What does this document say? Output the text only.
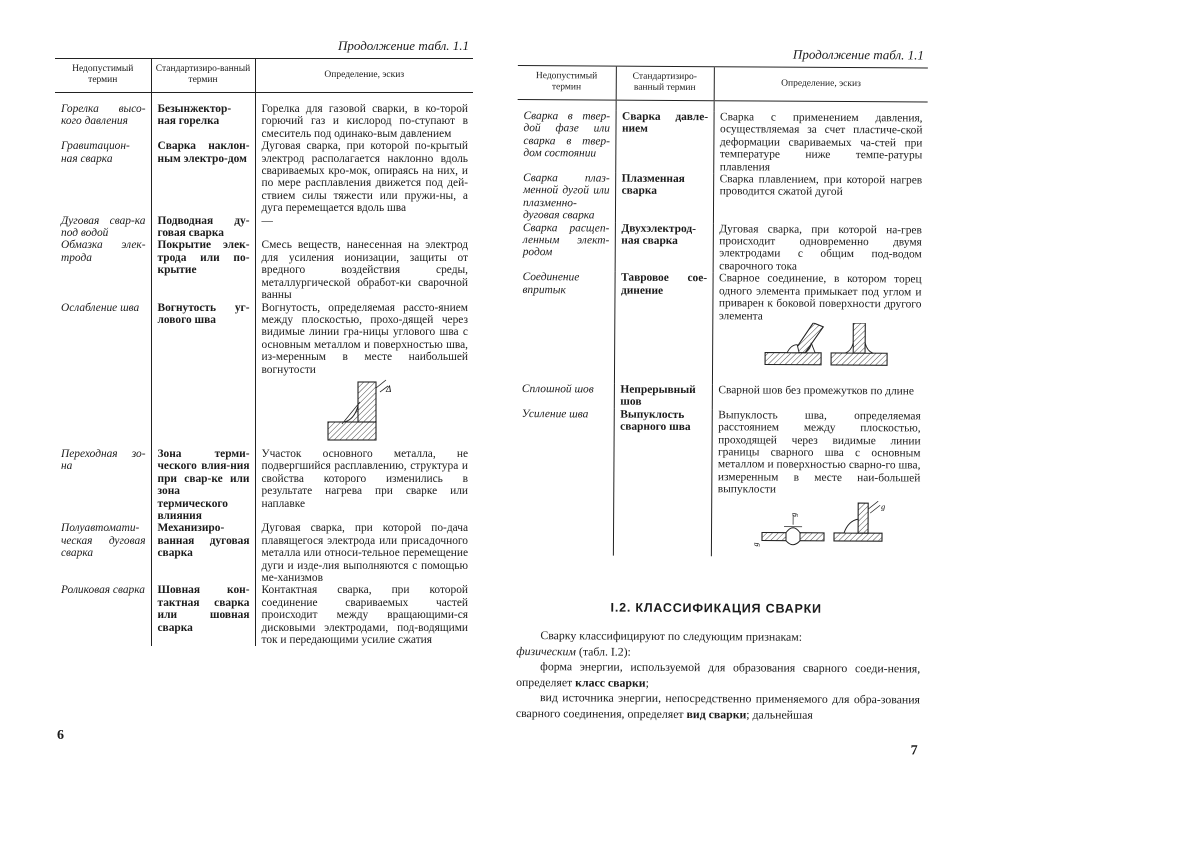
Продолжение табл. 1.1
Недопустимый термин	Стандартизиро-ванный термин	Определение, эскиз

Горелка высо-кого давления	Безынжектор-ная горелка	Горелка для газовой сварки, в ко-торой горючий газ и кислород по-ступают в смеситель под одинако-вым давлением
Гравитацион-ная сварка	Сварка наклон-ным электро-дом	Дуговая сварка, при которой по-крытый электрод располагается наклонно вдоль свариваемых кро-мок, опираясь на них, и по мере расплавления движется под дей-ствием силы тяжести или пружи-ны, а дуга перемещается вдоль шва
Дуговая свар-ка под водой	Подводная ду-говая сварка	—

Обмазка элек-трода	Покрытие элек-трода или по-крытие	Смесь веществ, нанесенная на электрод для усиления ионизации, защиты от вредного воздействия среды, металлургической обработ-ки сварочной ванны
Ослабление шва	Вогнутость уг-лового шва	Вогнутость, определяемая рассто-янием между плоскостью, прохо-дящей через видимые линии гра-ницы углового шва с основным металлом и поверхностью шва, из-меренным в месте наибольшей вогнутости
Δ

Переходная зо-на	Зона терми-ческого влия-ния при свар-ке или зона термического влияния	Участок основного металла, не подвергшийся расплавлению, структура и свойства которого изменились в результате нагрева при сварке или наплавке
Полуавтомати-ческая дуговая сварка	Механизиро-ванная дуговая сварка	Дуговая сварка, при которой по-дача плавящегося электрода или присадочного металла или относи-тельное перемещение дуги и изде-лия выполняются с помощью ме-ханизмов
Роликовая сварка	Шовная кон-тактная сварка или шовная сварка	Контактная сварка, при которой соединение свариваемых частей происходит между вращающими-ся дисковыми электродами, под-водящими ток и передающими усилие сжатия
6
Продолжение табл. 1.1
Недопустимый термин	Стандартизиро-ванный термин	Определение, эскиз

Сварка в твер-дой фазе или сварка в твер-дом состоянии	Сварка давле-нием	Сварка с применением давления, осуществляемая за счет пластиче-ской деформации свариваемых ча-стей при температуре ниже темпе-ратуры плавления
Сварка плаз-менной дугой или плазменно-дуговая сварка	Плазменная сварка	Сварка плавлением, при которой нагрев проводится сжатой дугой
Сварка расщеп-ленным элект-родом	Двухэлектрод-ная сварка	Дуговая сварка, при которой на-грев происходит одновременно двумя электродами с общим под-водом сварочного тока
Соединение впритык	Тавровое сое-динение	Сварное соединение, в котором торец одного элемента примыкает под углом и приварен к боковой поверхности другого элемента

Сплошной шов	Непрерывный шов	Сварной шов без промежутков по длине
Усиление шва	Выпуклость сварного шва	Выпуклость шва, определяемая расстоянием между плоскостью, проходящей через видимые линии границы сварного шва с основным металлом и поверхностью сварно-го шва, измеренным в месте наи-большей выпуклости
g
g
g
I.2. КЛАССИФИКАЦИЯ СВАРКИ

Сварку классифицируют по следующим признакам:

физическим (табл. I.2):

форма энергии, используемой для образования сварного соеди-нения, определяет класс сварки;

вид источника энергии, непосредственно применяемого для обра-зования сварного соединения, определяет вид сварки; дальнейшая

7
